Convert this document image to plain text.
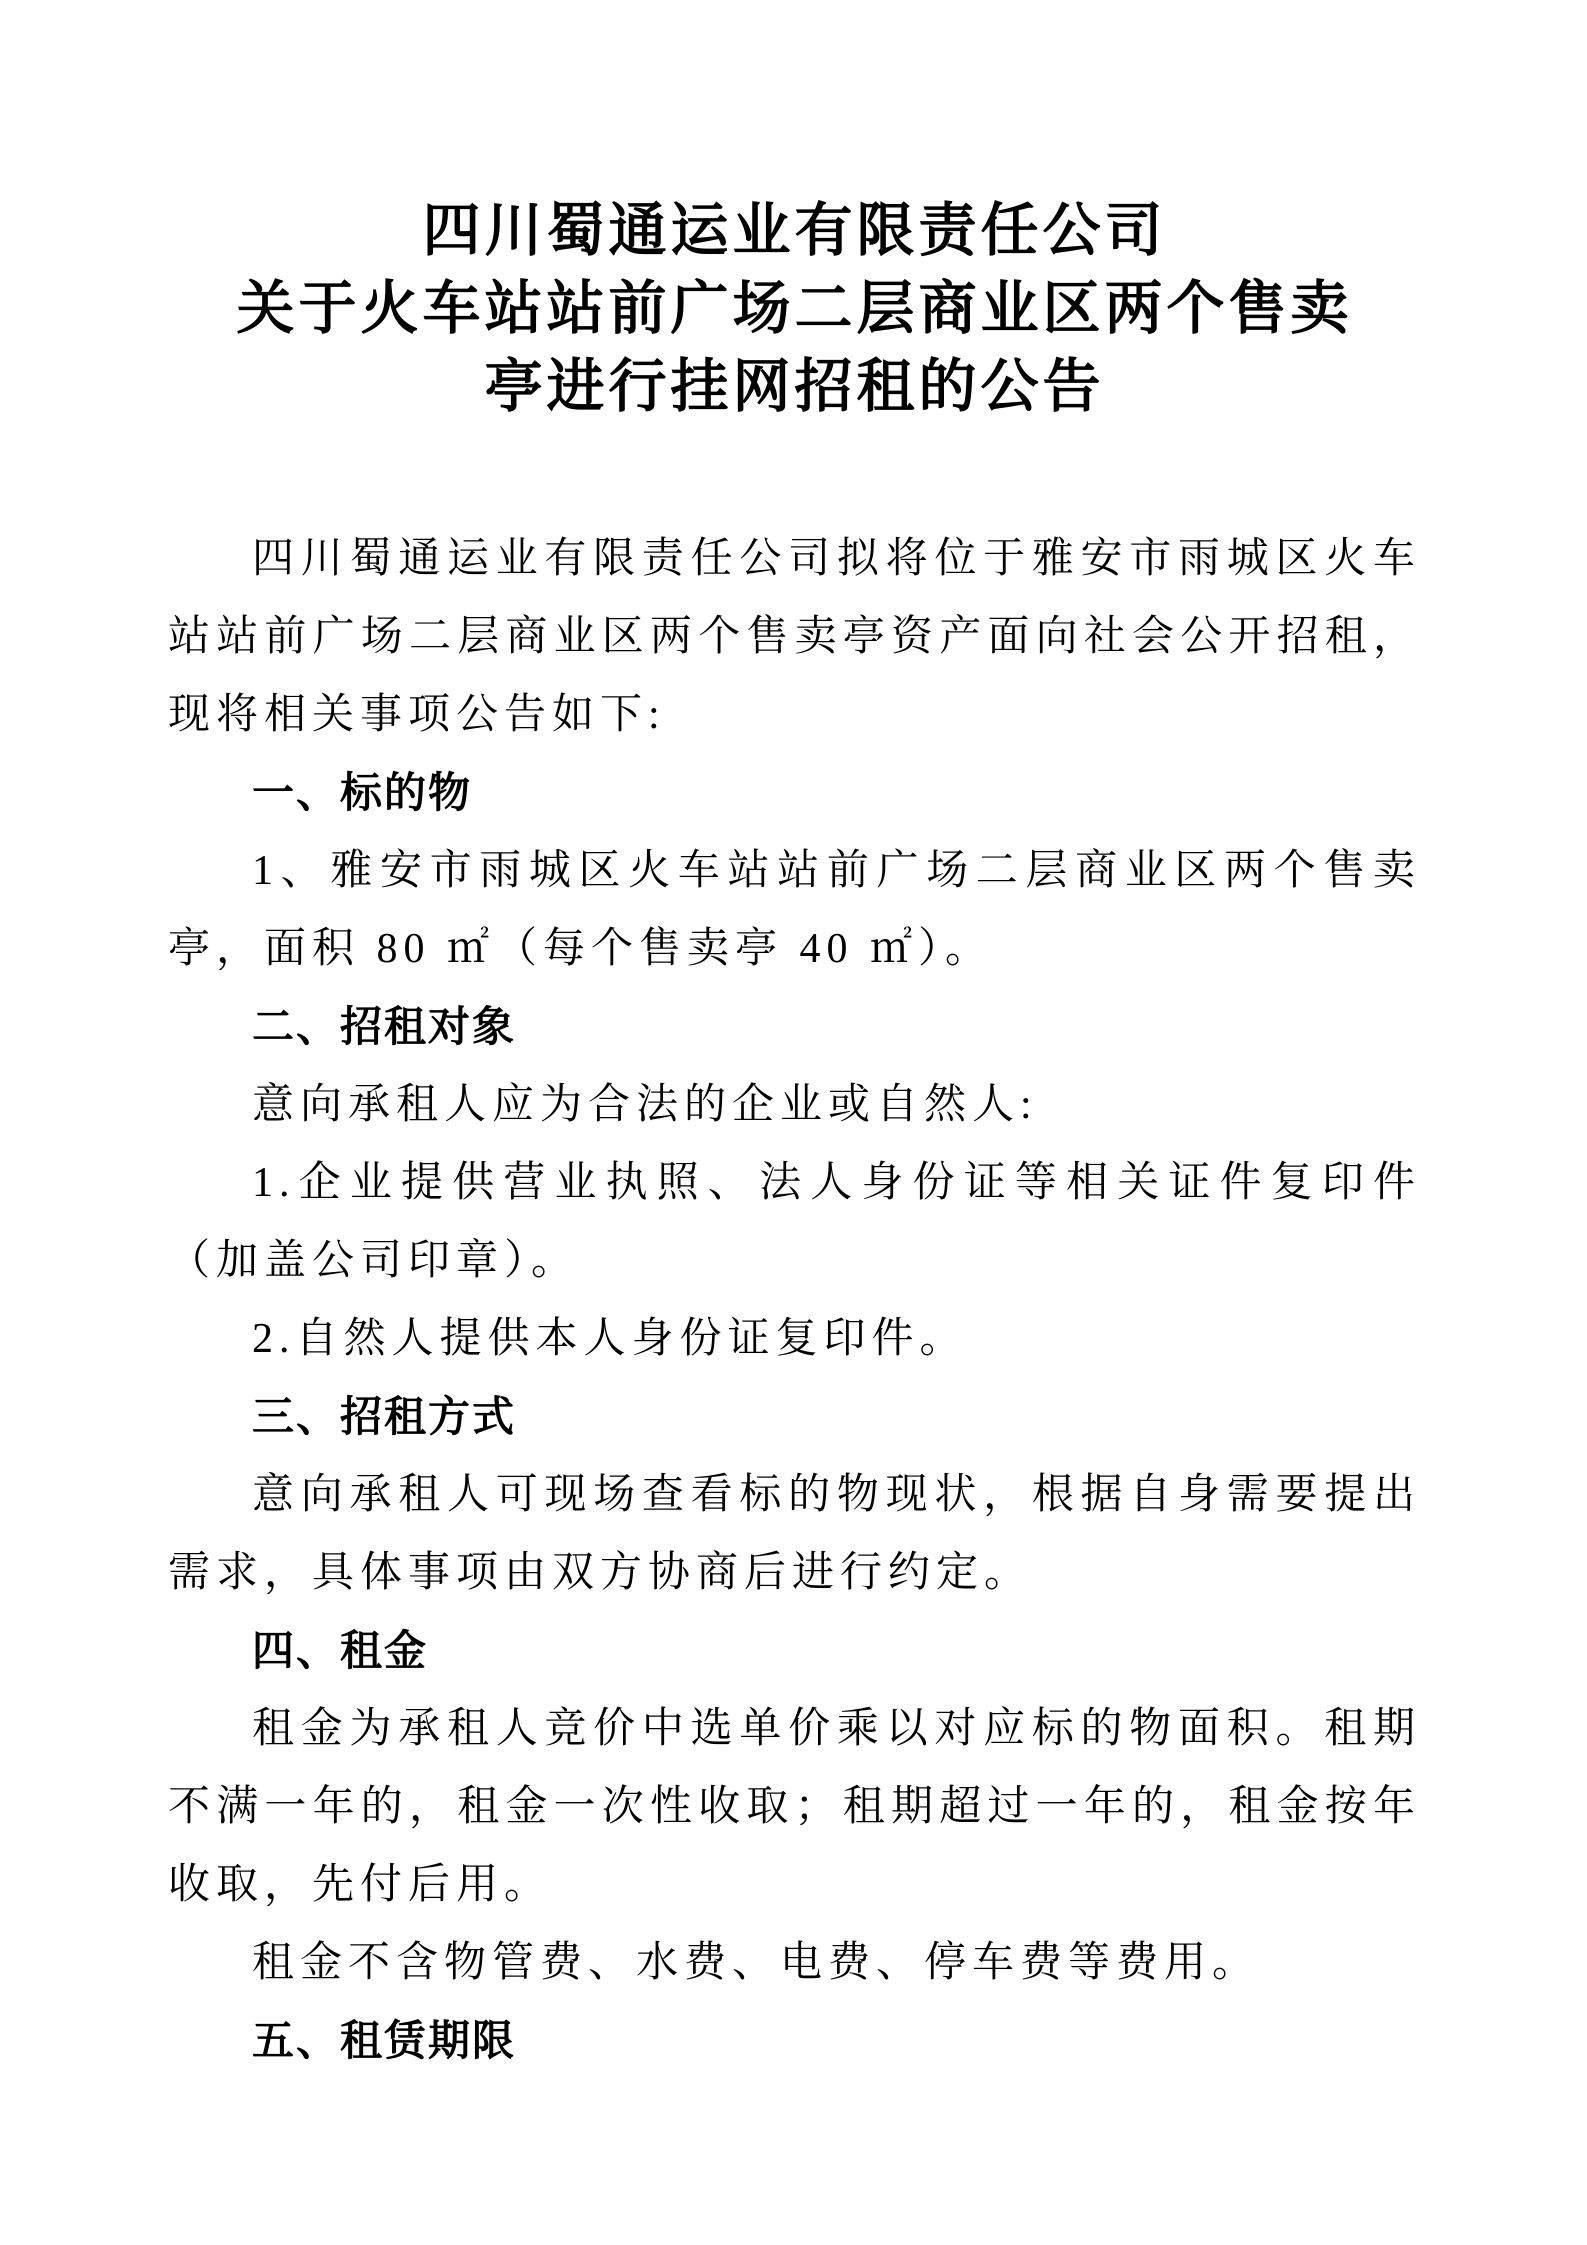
四川蜀通运业有限责任公司
关于火车站站前广场二层商业区两个售卖
亭进行挂网招租的公告

四川蜀通运业有限责任公司拟将位于雅安市雨城区火车站站前广场二层商业区两个售卖亭资产面向社会公开招租，现将相关事项公告如下:

一、标的物

1、雅安市雨城区火车站站前广场二层商业区两个售卖亭，面积 80 ㎡（每个售卖亭 40 ㎡）。

二、招租对象

意向承租人应为合法的企业或自然人:

1.企业提供营业执照、法人身份证等相关证件复印件（加盖公司印章）。

2.自然人提供本人身份证复印件。

三、招租方式

意向承租人可现场查看标的物现状，根据自身需要提出需求，具体事项由双方协商后进行约定。

四、租金

租金为承租人竞价中选单价乘以对应标的物面积。租期不满一年的，租金一次性收取；租期超过一年的，租金按年收取，先付后用。

租金不含物管费、水费、电费、停车费等费用。

五、租赁期限
